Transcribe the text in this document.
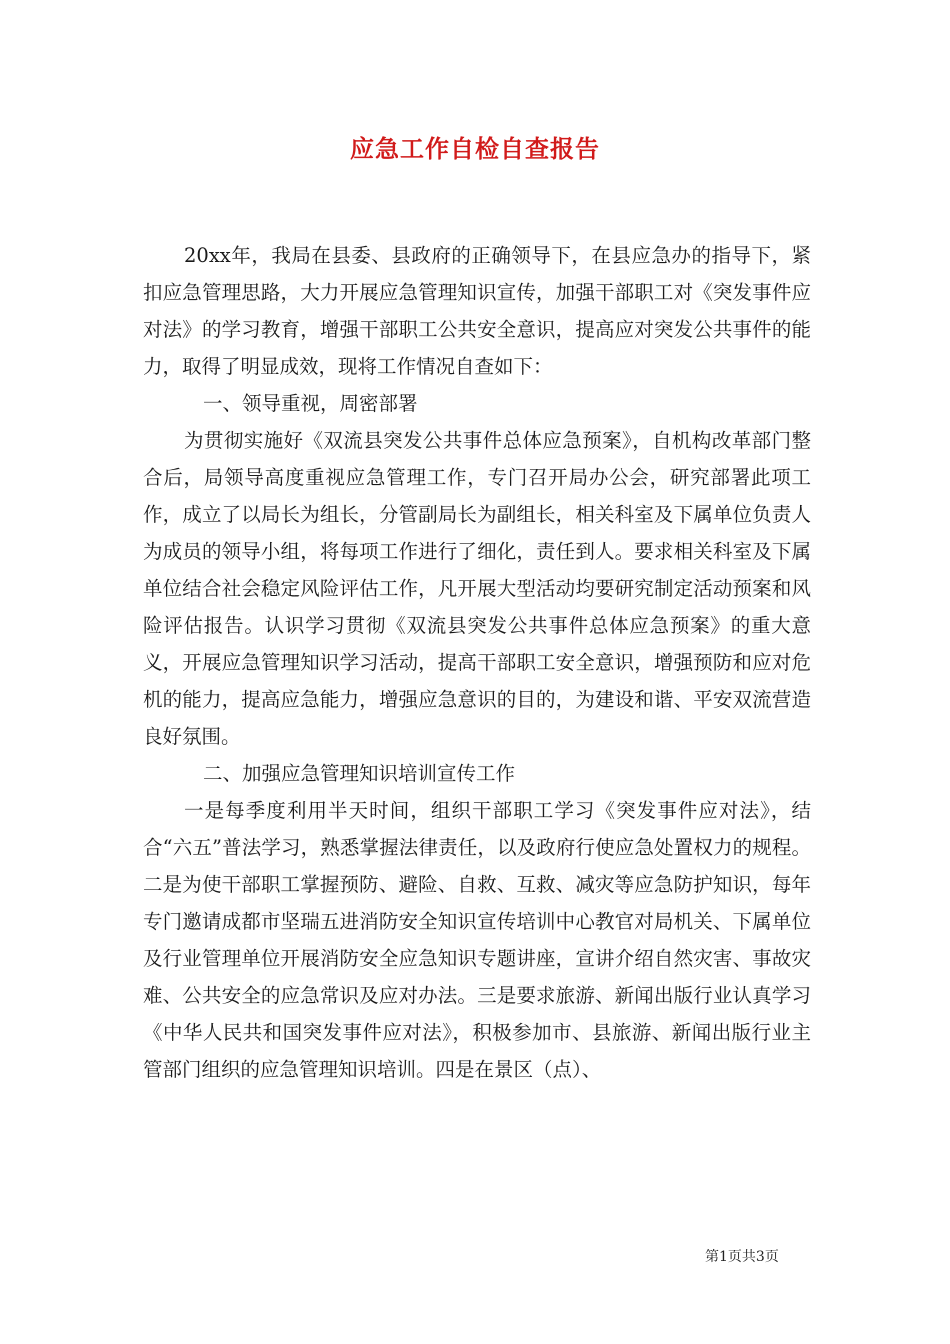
应急工作自检自查报告

20xx年，我局在县委、县政府的正确领导下，在县应急办的指导下，紧扣应急管理思路，大力开展应急管理知识宣传，加强干部职工对《突发事件应对法》的学习教育，增强干部职工公共安全意识，提高应对突发公共事件的能力，取得了明显成效，现将工作情况自查如下：

一、领导重视，周密部署

为贯彻实施好《双流县突发公共事件总体应急预案》，自机构改革部门整合后，局领导高度重视应急管理工作，专门召开局办公会，研究部署此项工作，成立了以局长为组长，分管副局长为副组长，相关科室及下属单位负责人为成员的领导小组，将每项工作进行了细化，责任到人。要求相关科室及下属单位结合社会稳定风险评估工作，凡开展大型活动均要研究制定活动预案和风险评估报告。认识学习贯彻《双流县突发公共事件总体应急预案》的重大意义，开展应急管理知识学习活动，提高干部职工安全意识，增强预防和应对危机的能力，提高应急能力，增强应急意识的目的，为建设和谐、平安双流营造良好氛围。

二、加强应急管理知识培训宣传工作

一是每季度利用半天时间，组织干部职工学习《突发事件应对法》，结合“六五”普法学习，熟悉掌握法律责任，以及政府行使应急处置权力的规程。二是为使干部职工掌握预防、避险、自救、互救、减灾等应急防护知识，每年专门邀请成都市坚瑞五进消防安全知识宣传培训中心教官对局机关、下属单位及行业管理单位开展消防安全应急知识专题讲座，宣讲介绍自然灾害、事故灾难、公共安全的应急常识及应对办法。三是要求旅游、新闻出版行业认真学习《中华人民共和国突发事件应对法》，积极参加市、县旅游、新闻出版行业主管部门组织的应急管理知识培训。四是在景区（点）、

第1页共3页
